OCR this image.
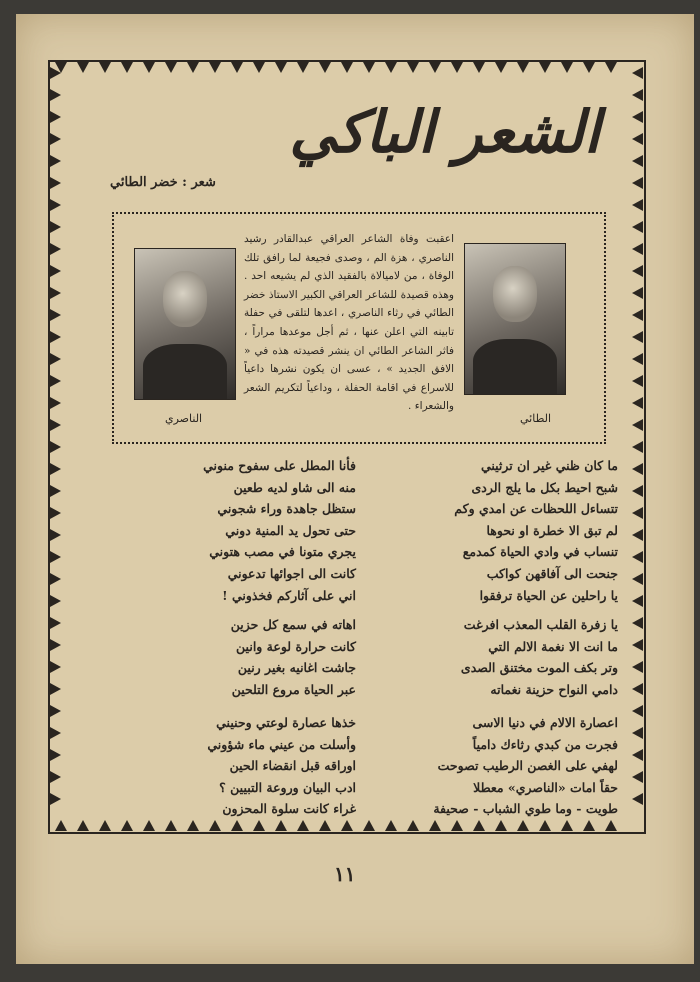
الشعر الباكي
شعر : خضر الطائي
الناصري	الطائي
اعقبت وفاة الشاعر العراقي عبدالقادر رشيد الناصري ، هزة الم ، وصدى فجيعة لما رافق تلك الوفاة ، من لاميالاة بالفقيد الذي لم يشيعه احد . وهذه قصيدة للشاعر العراقي الكبير الاستاذ خضر الطائي في رثاء الناصري ، اعدها لتلقى في حفلة تابينه التي اعلن عنها ، ثم أجل موعدها مراراً ، فاثر الشاعر الطائي ان ينشر قصيدته هذه في « الافق الجديد » ، عسى ان يكون نشرها داعياً للاسراع في اقامة الحفلة ، وداعياً لتكريم الشعر والشعراء .
ما كان ظني غير ان ترثيني
شبح احيط بكل ما يلج الردى
تتساءل اللحظات عن امدي وكم
لم تبق الا خطرة او نحوها
تنساب في وادي الحياة كمدمع
جنحت الى آفاقهن كواكب
يا راحلين عن الحياة ترفقوا
يا زفرة القلب المعذب افرغت
ما انت الا نغمة الالم التي
وتر بكف الموت مختنق الصدى
دامي النواح حزينة نغماته
اعصارة الالام في دنيا الاسى
فجرت من كبدي رثاءك دامياً
لهفي على الغصن الرطيب تصوحت
حقاً امات «الناصري» معطلا
طويت - وما طوي الشباب - صحيفة
فأنا المطل على سفوح منوني
منه الى شاو لديه طعين
ستظل جاهدة وراء شجوني
حتى تحول يد المنية دوني
يجري متونا في مصب هتوني
كانت الى اجوائها تدعوني
اني على آثاركم فخذوني !
اهاته في سمع كل حزين
كانت حرارة لوعة وانين
جاشت اغانيه بغير رنين
عبر الحياة مروع التلحين
خذها عصارة لوعتي وحنيني
وأسلت من عيني ماء شؤوني
اوراقه قبل انقضاء الحين
ادب البيان وروعة التبيين ؟
غراء كانت سلوة المحزون
١١
